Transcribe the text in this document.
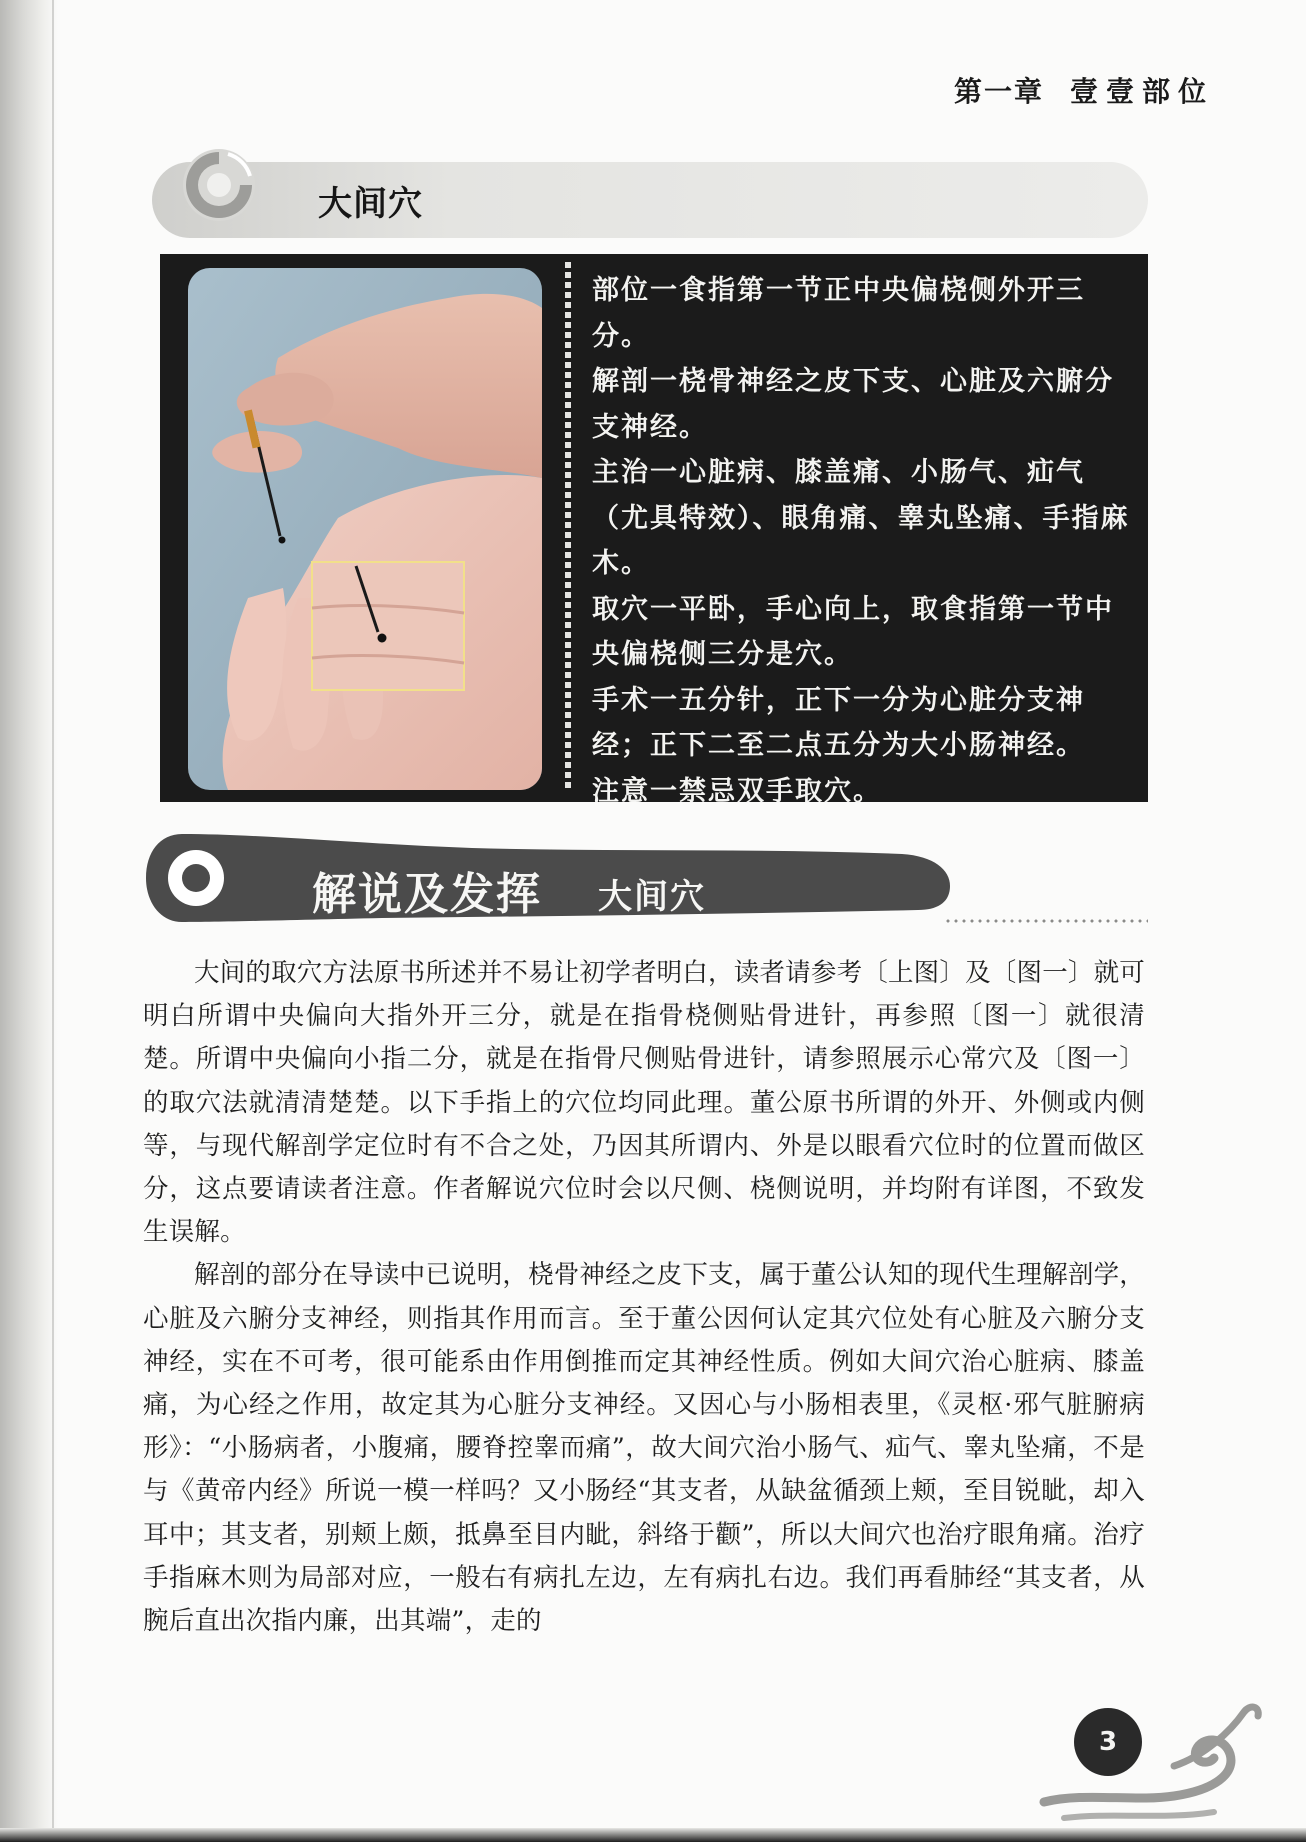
第一章 壹壹部位
大间穴

部位一食指第一节正中央偏桡侧外开三分。

解剖一桡骨神经之皮下支、心脏及六腑分支神经。

主治一心脏病、膝盖痛、小肠气、疝气（尤具特效）、眼角痛、睾丸坠痛、手指麻木。

取穴一平卧，手心向上，取食指第一节中央偏桡侧三分是穴。

手术一五分针，正下一分为心脏分支神经；正下二至二点五分为大小肠神经。

注意一禁忌双手取穴。

解说及发挥 大间穴

大间的取穴方法原书所述并不易让初学者明白，读者请参考〔上图〕及〔图一〕就可明白所谓中央偏向大指外开三分，就是在指骨桡侧贴骨进针，再参照〔图一〕就很清楚。所谓中央偏向小指二分，就是在指骨尺侧贴骨进针，请参照展示心常穴及〔图一〕的取穴法就清清楚楚。以下手指上的穴位均同此理。董公原书所谓的外开、外侧或内侧等，与现代解剖学定位时有不合之处，乃因其所谓内、外是以眼看穴位时的位置而做区分，这点要请读者注意。作者解说穴位时会以尺侧、桡侧说明，并均附有详图，不致发生误解。

解剖的部分在导读中已说明，桡骨神经之皮下支，属于董公认知的现代生理解剖学，心脏及六腑分支神经，则指其作用而言。至于董公因何认定其穴位处有心脏及六腑分支神经，实在不可考，很可能系由作用倒推而定其神经性质。例如大间穴治心脏病、膝盖痛，为心经之作用，故定其为心脏分支神经。又因心与小肠相表里，《灵枢·邪气脏腑病形》：“小肠病者，小腹痛，腰脊控睾而痛”，故大间穴治小肠气、疝气、睾丸坠痛，不是与《黄帝内经》所说一模一样吗？又小肠经“其支者，从缺盆循颈上颊，至目锐眦，却入耳中；其支者，别颊上颇，抵鼻至目内眦，斜络于颧”，所以大间穴也治疗眼角痛。治疗手指麻木则为局部对应，一般右有病扎左边，左有病扎右边。我们再看肺经“其支者，从腕后直出次指内廉，出其端”，走的

3
